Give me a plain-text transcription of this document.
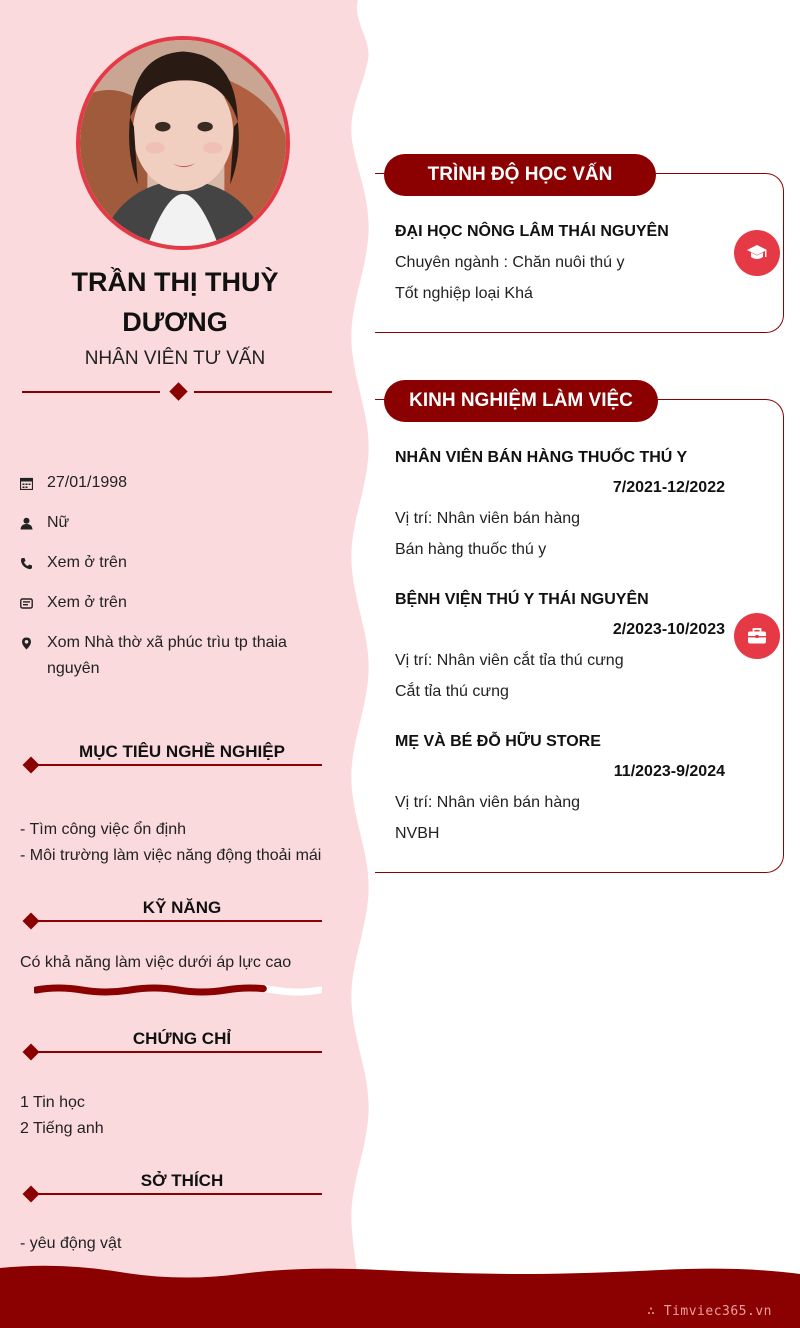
TRẦN THỊ THUỲ DƯƠNG
NHÂN VIÊN TƯ VẤN
27/01/1998
Nữ
Xem ở trên
Xem ở trên
Xom Nhà thờ xã phúc trìu tp thaia nguyên
MỤC TIÊU NGHỀ NGHIỆP
- Tìm công việc ổn định
- Môi trường làm việc năng động thoải mái
KỸ NĂNG
Có khả năng làm việc dưới áp lực cao
CHỨNG CHỈ
1 Tin học
2 Tiếng anh
SỞ THÍCH
- yêu động vật
TRÌNH ĐỘ HỌC VẤN
ĐẠI HỌC NÔNG LÂM THÁI NGUYÊN
Chuyên ngành : Chăn nuôi thú y
Tốt nghiệp loại Khá
KINH NGHIỆM LÀM VIỆC
NHÂN VIÊN BÁN HÀNG THUỐC THÚ Y
7/2021-12/2022
Vị trí: Nhân viên bán hàng
Bán hàng thuốc thú y
BỆNH VIỆN THÚ Y THÁI NGUYÊN
2/2023-10/2023
Vị trí: Nhân viên cắt tỉa thú cưng
Cắt tỉa thú cưng
MẸ VÀ BÉ ĐỖ HỮU STORE
11/2023-9/2024
Vị trí: Nhân viên bán hàng
NVBH
∴ Timviec365.vn
